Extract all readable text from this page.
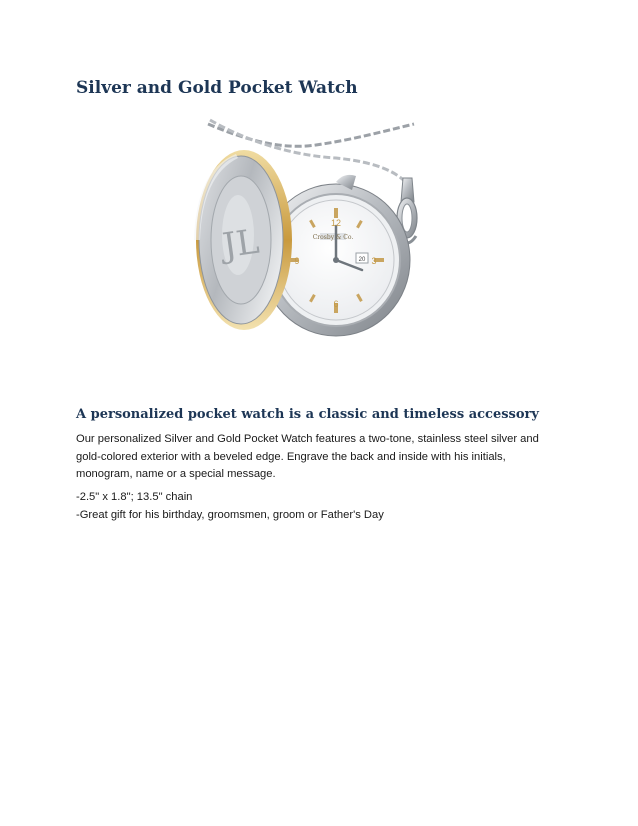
Silver and Gold Pocket Watch
Crosby & Co.
12
3
6
9	20
JL
A personalized pocket watch is a classic and timeless accessory

Our personalized Silver and Gold Pocket Watch features a two-tone, stainless steel silver and

gold-colored exterior with a beveled edge. Engrave the back and inside with his initials,

monogram, name or a special message.

-2.5" x 1.8"; 13.5" chain

-Great gift for his birthday, groomsmen, groom or Father's Day
